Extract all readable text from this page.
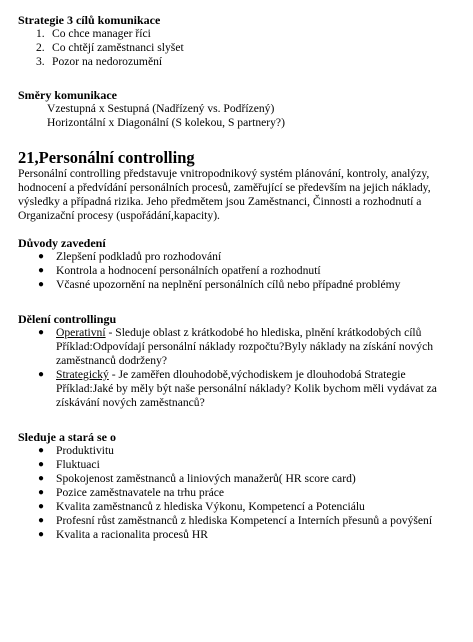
Strategie 3 cílů komunikace
1. Co chce manager říci
2. Co chtějí zaměstnanci slyšet
3. Pozor na nedorozumění
Směry komunikace
Vzestupná x Sestupná (Nadřízený vs. Podřízený)
Horizontální x Diagonální (S kolekou, S partnery?)
21,Personální controlling

Personální controlling představuje vnitropodnikový systém plánování, kontroly, analýzy, hodnocení a předvídání personálních procesů, zaměřující se především na jejich náklady, výsledky a případná rizika. Jeho předmětem jsou Zaměstnanci, Činnosti a rozhodnutí a Organizační procesy (uspořádání,kapacity).

Důvody zavedení
● Zlepšení podkladů pro rozhodování
● Kontrola a hodnocení personálních opatření a rozhodnutí
● Včasné upozornění na neplnění personálních cílů nebo případné problémy
Dělení controllingu
● Operativní - Sleduje oblast z krátkodobé ho hlediska, plnění krátkodobých cílů Příklad:Odpovídají personální náklady rozpočtu?Byly náklady na získání nových zaměstnanců dodrženy?
● Strategický - Je zaměřen dlouhodobě,východiskem je dlouhodobá Strategie Příklad:Jaké by měly být naše personální náklady? Kolik bychom měli vydávat za získávání nových zaměstnanců?
Sleduje a stará se o
● Produktivitu
● Fluktuaci
● Spokojenost zaměstnanců a liniových manažerů( HR score card)
● Pozice zaměstnavatele na trhu práce
● Kvalita zaměstnanců z hlediska Výkonu, Kompetencí a Potenciálu
● Profesní růst zaměstnanců z hlediska Kompetencí a Interních přesunů a povýšení
● Kvalita a racionalita procesů HR
